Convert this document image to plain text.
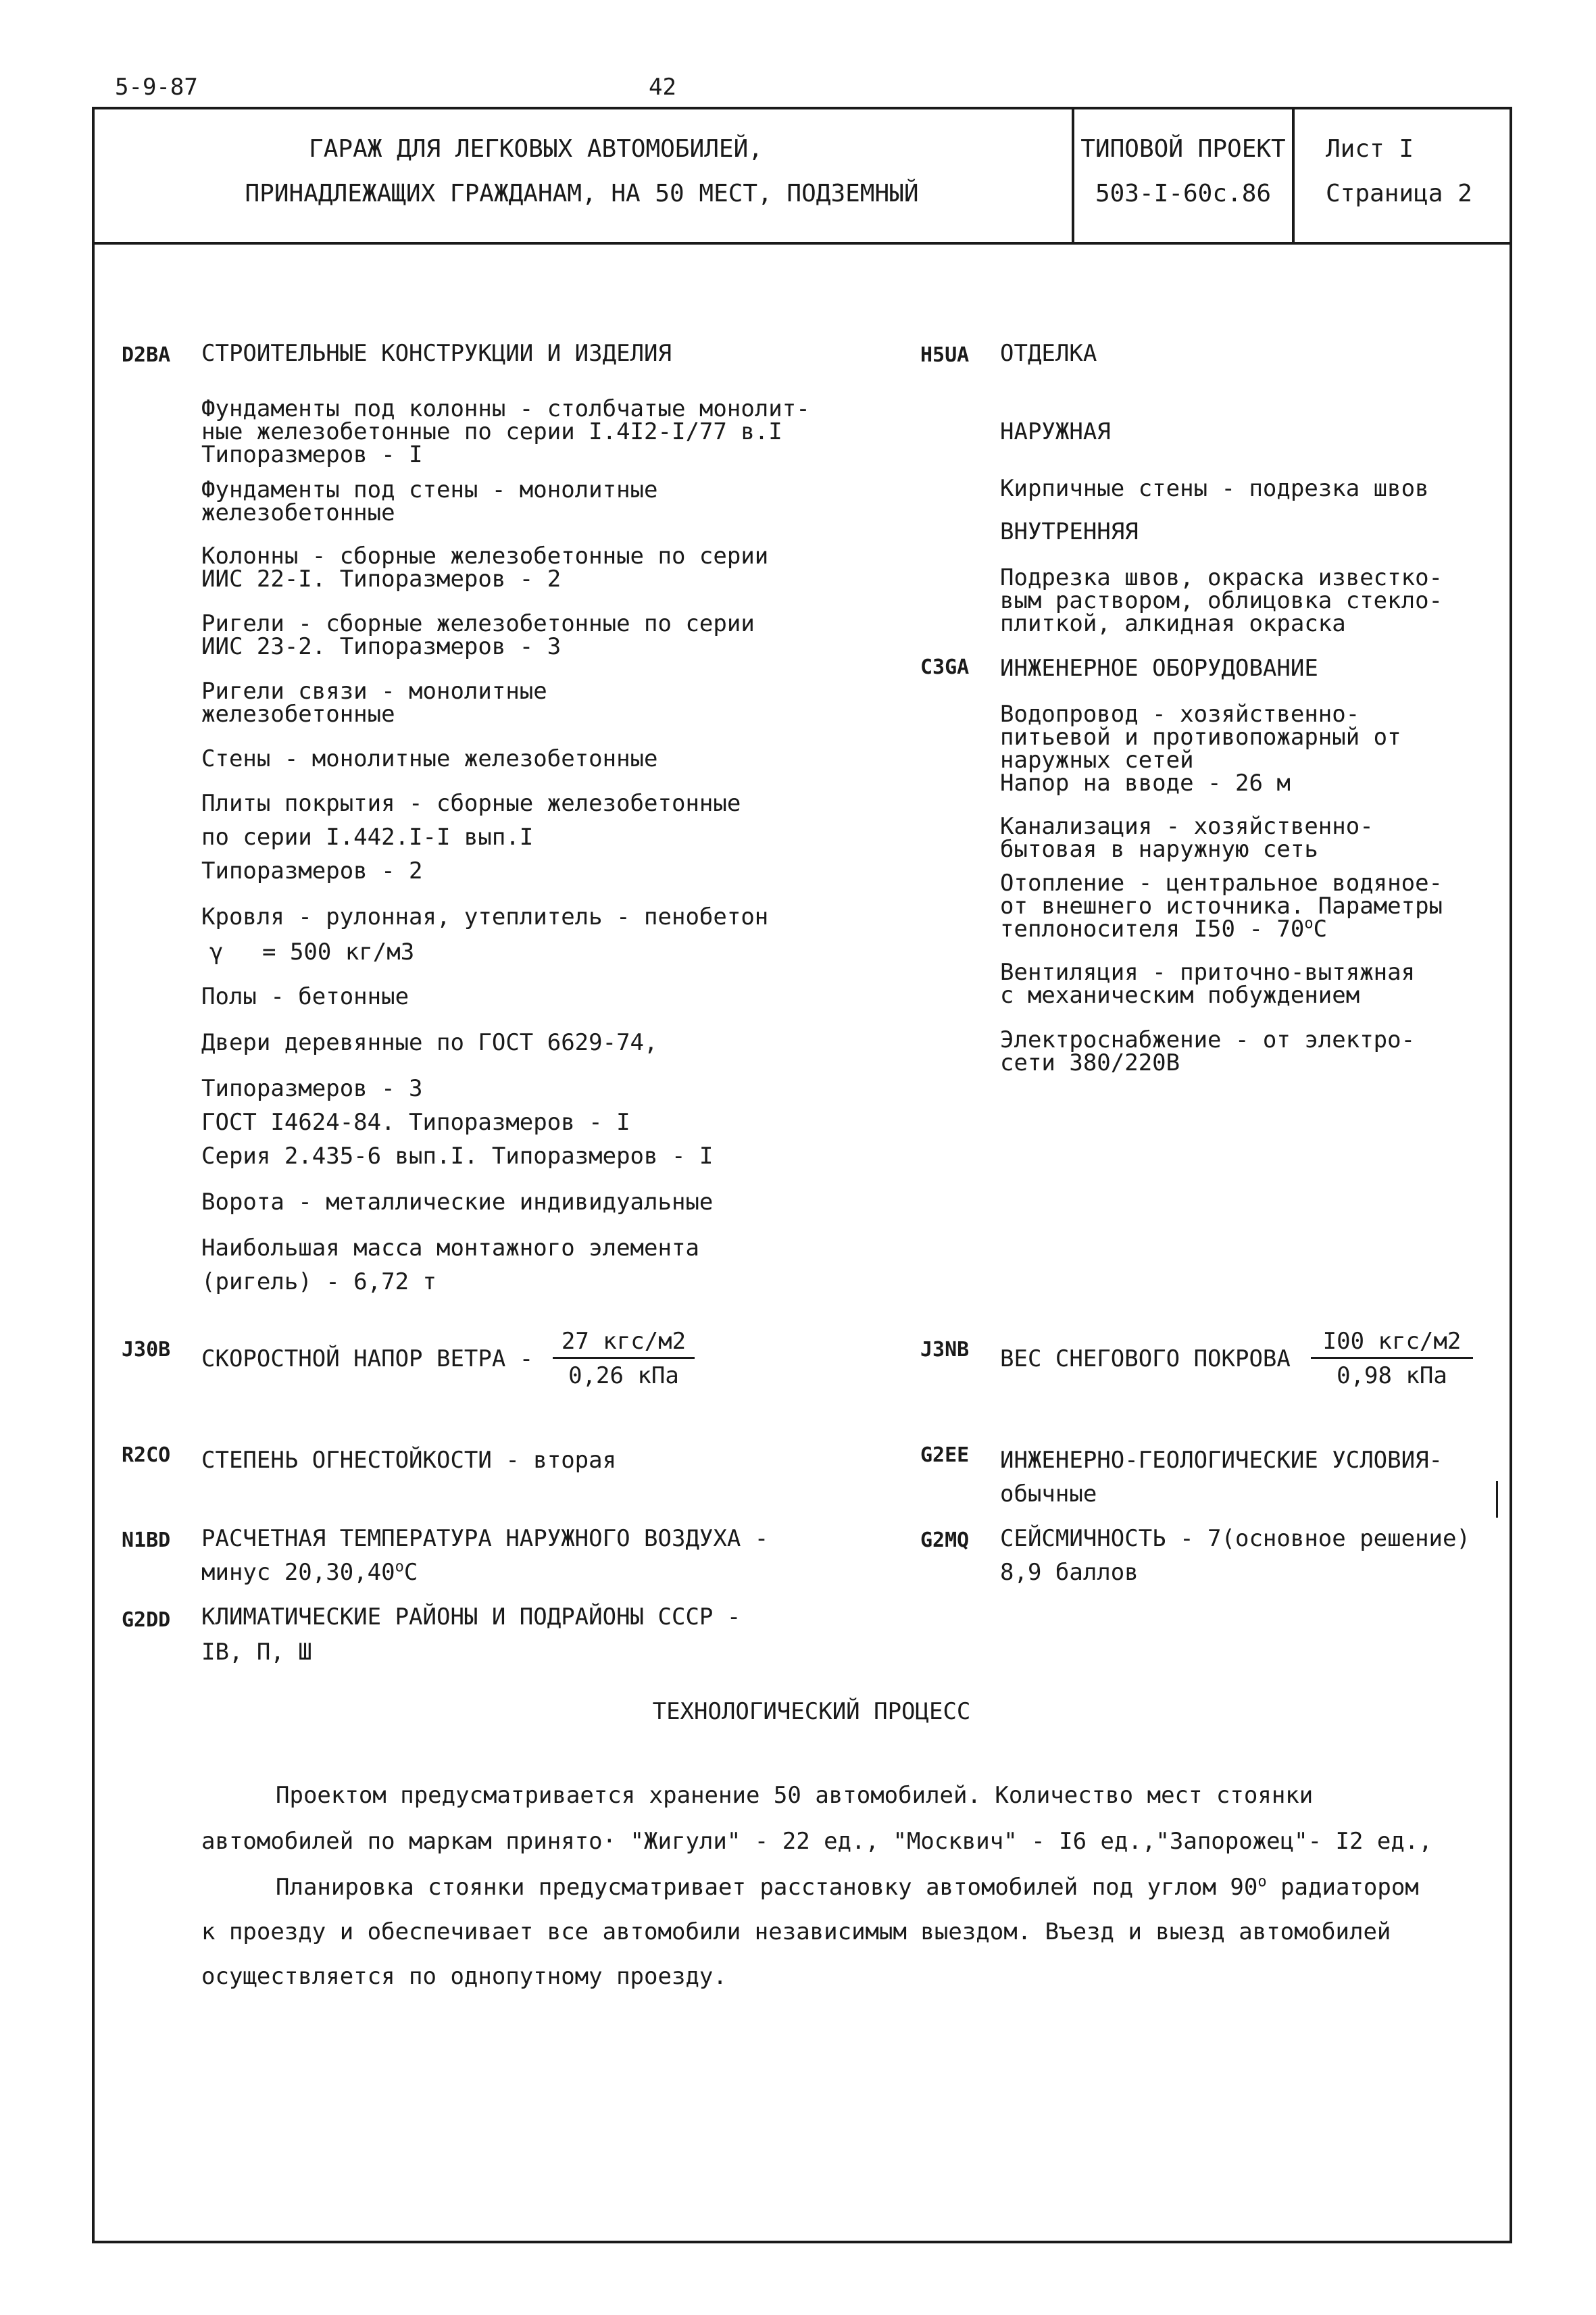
5-9-87	42
ГАРАЖ ДЛЯ ЛЕГКОВЫХ АВТОМОБИЛЕЙ,
ПРИНАДЛЕЖАЩИХ ГРАЖДАНАМ, НА 50 МЕСТ, ПОДЗЕМНЫЙ
ТИПОВОЙ ПРОЕКТ
503-I-60с.86
Лист I
Страница 2
D2BA СТРОИТЕЛЬНЫЕ КОНСТРУКЦИИ И ИЗДЕЛИЯ
Фундаменты под колонны - столбчатые монолит-
ные железобетонные по серии I.4I2-I/77 в.I
Типоразмеров - I
Фундаменты под стены - монолитные
железобетонные
Колонны - сборные железобетонные по серии
ИИС 22-I. Типоразмеров - 2
Ригели - сборные железобетонные по серии
ИИС 23-2. Типоразмеров - 3
Ригели связи - монолитные
железобетонные
Стены - монолитные железобетонные
Плиты покрытия - сборные железобетонные
по серии I.442.I-I вып.I
Типоразмеров - 2
Кровля - рулонная, утеплитель - пенобетон
γ = 500 кг/м3
Полы - бетонные
Двери деревянные по ГОСТ 6629-74,
Типоразмеров - 3
ГОСТ I4624-84. Типоразмеров - I
Серия 2.435-6 вып.I. Типоразмеров - I
Ворота - металлические индивидуальные
Наибольшая масса монтажного элемента
(ригель) - 6,72 т
H5UA ОТДЕЛКА
НАРУЖНАЯ
Кирпичные стены - подрезка швов
ВНУТРЕННЯЯ
Подрезка швов, окраска известко-
вым раствором, облицовка стекло-
плиткой, алкидная окраска
C3GA ИНЖЕНЕРНОЕ ОБОРУДОВАНИЕ
Водопровод - хозяйственно-
питьевой и противопожарный от
наружных сетей
Напор на вводе - 26 м
Канализация - хозяйственно-
бытовая в наружную сеть
Отопление - центральное водяное-
от внешнего источника. Параметры
теплоносителя $I50 - 70^оС$
Вентиляция - приточно-вытяжная
с механическим побуждением
Электроснабжение - от электро-
сети 380/220В
J30B СКОРОСТНОЙ НАПОР ВЕТРА -
27 кгс/м2
0,26 кПа
J3NB ВЕС СНЕГОВОГО ПОКРОВА
I00 кгс/м2
0,98 кПа
R2CO СТЕПЕНЬ ОГНЕСТОЙКОСТИ - вторая	G2EE ИНЖЕНЕРНО-ГЕОЛОГИЧЕСКИЕ УСЛОВИЯ-
обычные
N1BD РАСЧЕТНАЯ ТЕМПЕРАТУРА НАРУЖНОГО ВОЗДУХА -
минус $20,30,40^оС$
G2MQ СЕЙСМИЧНОСТЬ - 7(основное решение)
8,9 баллов
G2DD КЛИМАТИЧЕСКИЕ РАЙОНЫ И ПОДРАЙОНЫ СССР -
IВ, П, Ш
ТЕХНОЛОГИЧЕСКИЙ ПРОЦЕСС
Проектом предусматривается хранение 50 автомобилей. Количество мест стоянки
автомобилей по маркам принято· "Жигули" - 22 ед., "Москвич" - I6 ед.,"Запорожец"- I2 ед.,
Планировка стоянки предусматривает расстановку автомобилей под углом $90^о$ радиатором
к проезду и обеспечивает все автомобили независимым выездом. Въезд и выезд автомобилей
осуществляется по однопутному проезду.
